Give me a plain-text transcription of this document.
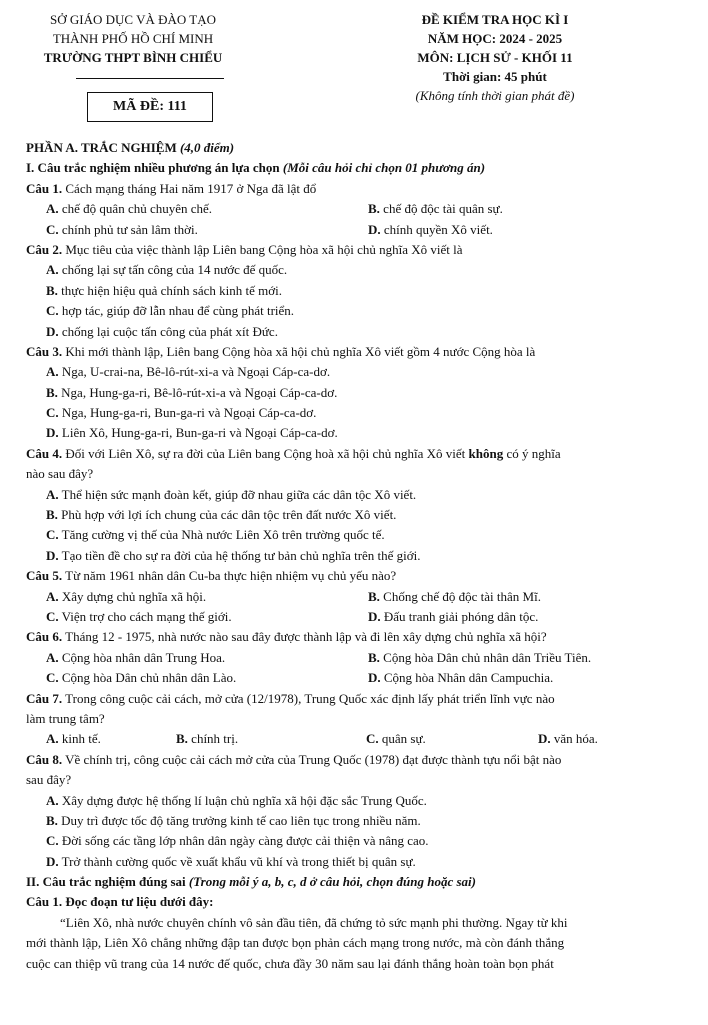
SỞ GIÁO DỤC VÀ ĐÀO TẠO
THÀNH PHỐ HỒ CHÍ MINH
TRƯỜNG THPT BÌNH CHIỂU
MÃ ĐỀ: 111
ĐỀ KIỂM TRA HỌC KÌ I
NĂM HỌC: 2024 - 2025
MÔN: LỊCH SỬ - KHỐI 11
Thời gian: 45 phút
(Không tính thời gian phát đề)
PHẦN A. TRẮC NGHIỆM (4,0 điểm)
I. Câu trắc nghiệm nhiều phương án lựa chọn (Mỗi câu hỏi chỉ chọn 01 phương án)
Câu 1. Cách mạng tháng Hai năm 1917 ở Nga đã lật đổ
A. chế độ quân chủ chuyên chế.	B. chế độ độc tài quân sự.
C. chính phủ tư sản lâm thời.	D. chính quyền Xô viết.
Câu 2. Mục tiêu của việc thành lập Liên bang Cộng hòa xã hội chủ nghĩa Xô viết là
A. chống lại sự tấn công của 14 nước đế quốc.
B. thực hiện hiệu quả chính sách kinh tế mới.
C. hợp tác, giúp đỡ lẫn nhau để cùng phát triển.
D. chống lại cuộc tấn công của phát xít Đức.
Câu 3. Khi mới thành lập, Liên bang Cộng hòa xã hội chủ nghĩa Xô viết gồm 4 nước Cộng hòa là
A. Nga, U-crai-na, Bê-lô-rút-xi-a và Ngoại Cáp-ca-dơ.
B. Nga, Hung-ga-ri, Bê-lô-rút-xi-a và Ngoại Cáp-ca-dơ.
C. Nga, Hung-ga-ri, Bun-ga-ri và Ngoại Cáp-ca-dơ.
D. Liên Xô, Hung-ga-ri, Bun-ga-ri và Ngoại Cáp-ca-dơ.
Câu 4. Đối với Liên Xô, sự ra đời của Liên bang Cộng hoà xã hội chủ nghĩa Xô viết không có ý nghĩa
nào sau đây?
A. Thể hiện sức mạnh đoàn kết, giúp đỡ nhau giữa các dân tộc Xô viết.
B. Phù hợp với lợi ích chung của các dân tộc trên đất nước Xô viết.
C. Tăng cường vị thế của Nhà nước Liên Xô trên trường quốc tế.
D. Tạo tiền đề cho sự ra đời của hệ thống tư bản chủ nghĩa trên thế giới.
Câu 5. Từ năm 1961 nhân dân Cu-ba thực hiện nhiệm vụ chủ yếu nào?
A. Xây dựng chủ nghĩa xã hội.	B. Chống chế độ độc tài thân Mĩ.
C. Viện trợ cho cách mạng thế giới.	D. Đấu tranh giải phóng dân tộc.
Câu 6. Tháng 12 - 1975, nhà nước nào sau đây được thành lập và đi lên xây dựng chủ nghĩa xã hội?
A. Cộng hòa nhân dân Trung Hoa.	B. Cộng hòa Dân chủ nhân dân Triều Tiên.
C. Cộng hòa Dân chủ nhân dân Lào.	D. Cộng hòa Nhân dân Campuchia.
Câu 7. Trong công cuộc cải cách, mở cửa (12/1978), Trung Quốc xác định lấy phát triển lĩnh vực nào
làm trung tâm?
A. kinh tế.	B. chính trị.	C. quân sự.	D. văn hóa.
Câu 8. Về chính trị, công cuộc cải cách mở cửa của Trung Quốc (1978) đạt được thành tựu nổi bật nào
sau đây?
A. Xây dựng được hệ thống lí luận chủ nghĩa xã hội đặc sắc Trung Quốc.
B. Duy trì được tốc độ tăng trưởng kinh tế cao liên tục trong nhiều năm.
C. Đời sống các tầng lớp nhân dân ngày càng được cải thiện và nâng cao.
D. Trở thành cường quốc về xuất khẩu vũ khí và trong thiết bị quân sự.
II. Câu trắc nghiệm đúng sai (Trong mỗi ý a, b, c, d ở câu hỏi, chọn đúng hoặc sai)
Câu 1. Đọc đoạn tư liệu dưới đây:
“Liên Xô, nhà nước chuyên chính vô sản đầu tiên, đã chứng tỏ sức mạnh phi thường. Ngay từ khi
mới thành lập, Liên Xô chẳng những đập tan được bọn phản cách mạng trong nước, mà còn đánh thắng
cuộc can thiệp vũ trang của 14 nước đế quốc, chưa đầy 30 năm sau lại đánh thắng hoàn toàn bọn phát
